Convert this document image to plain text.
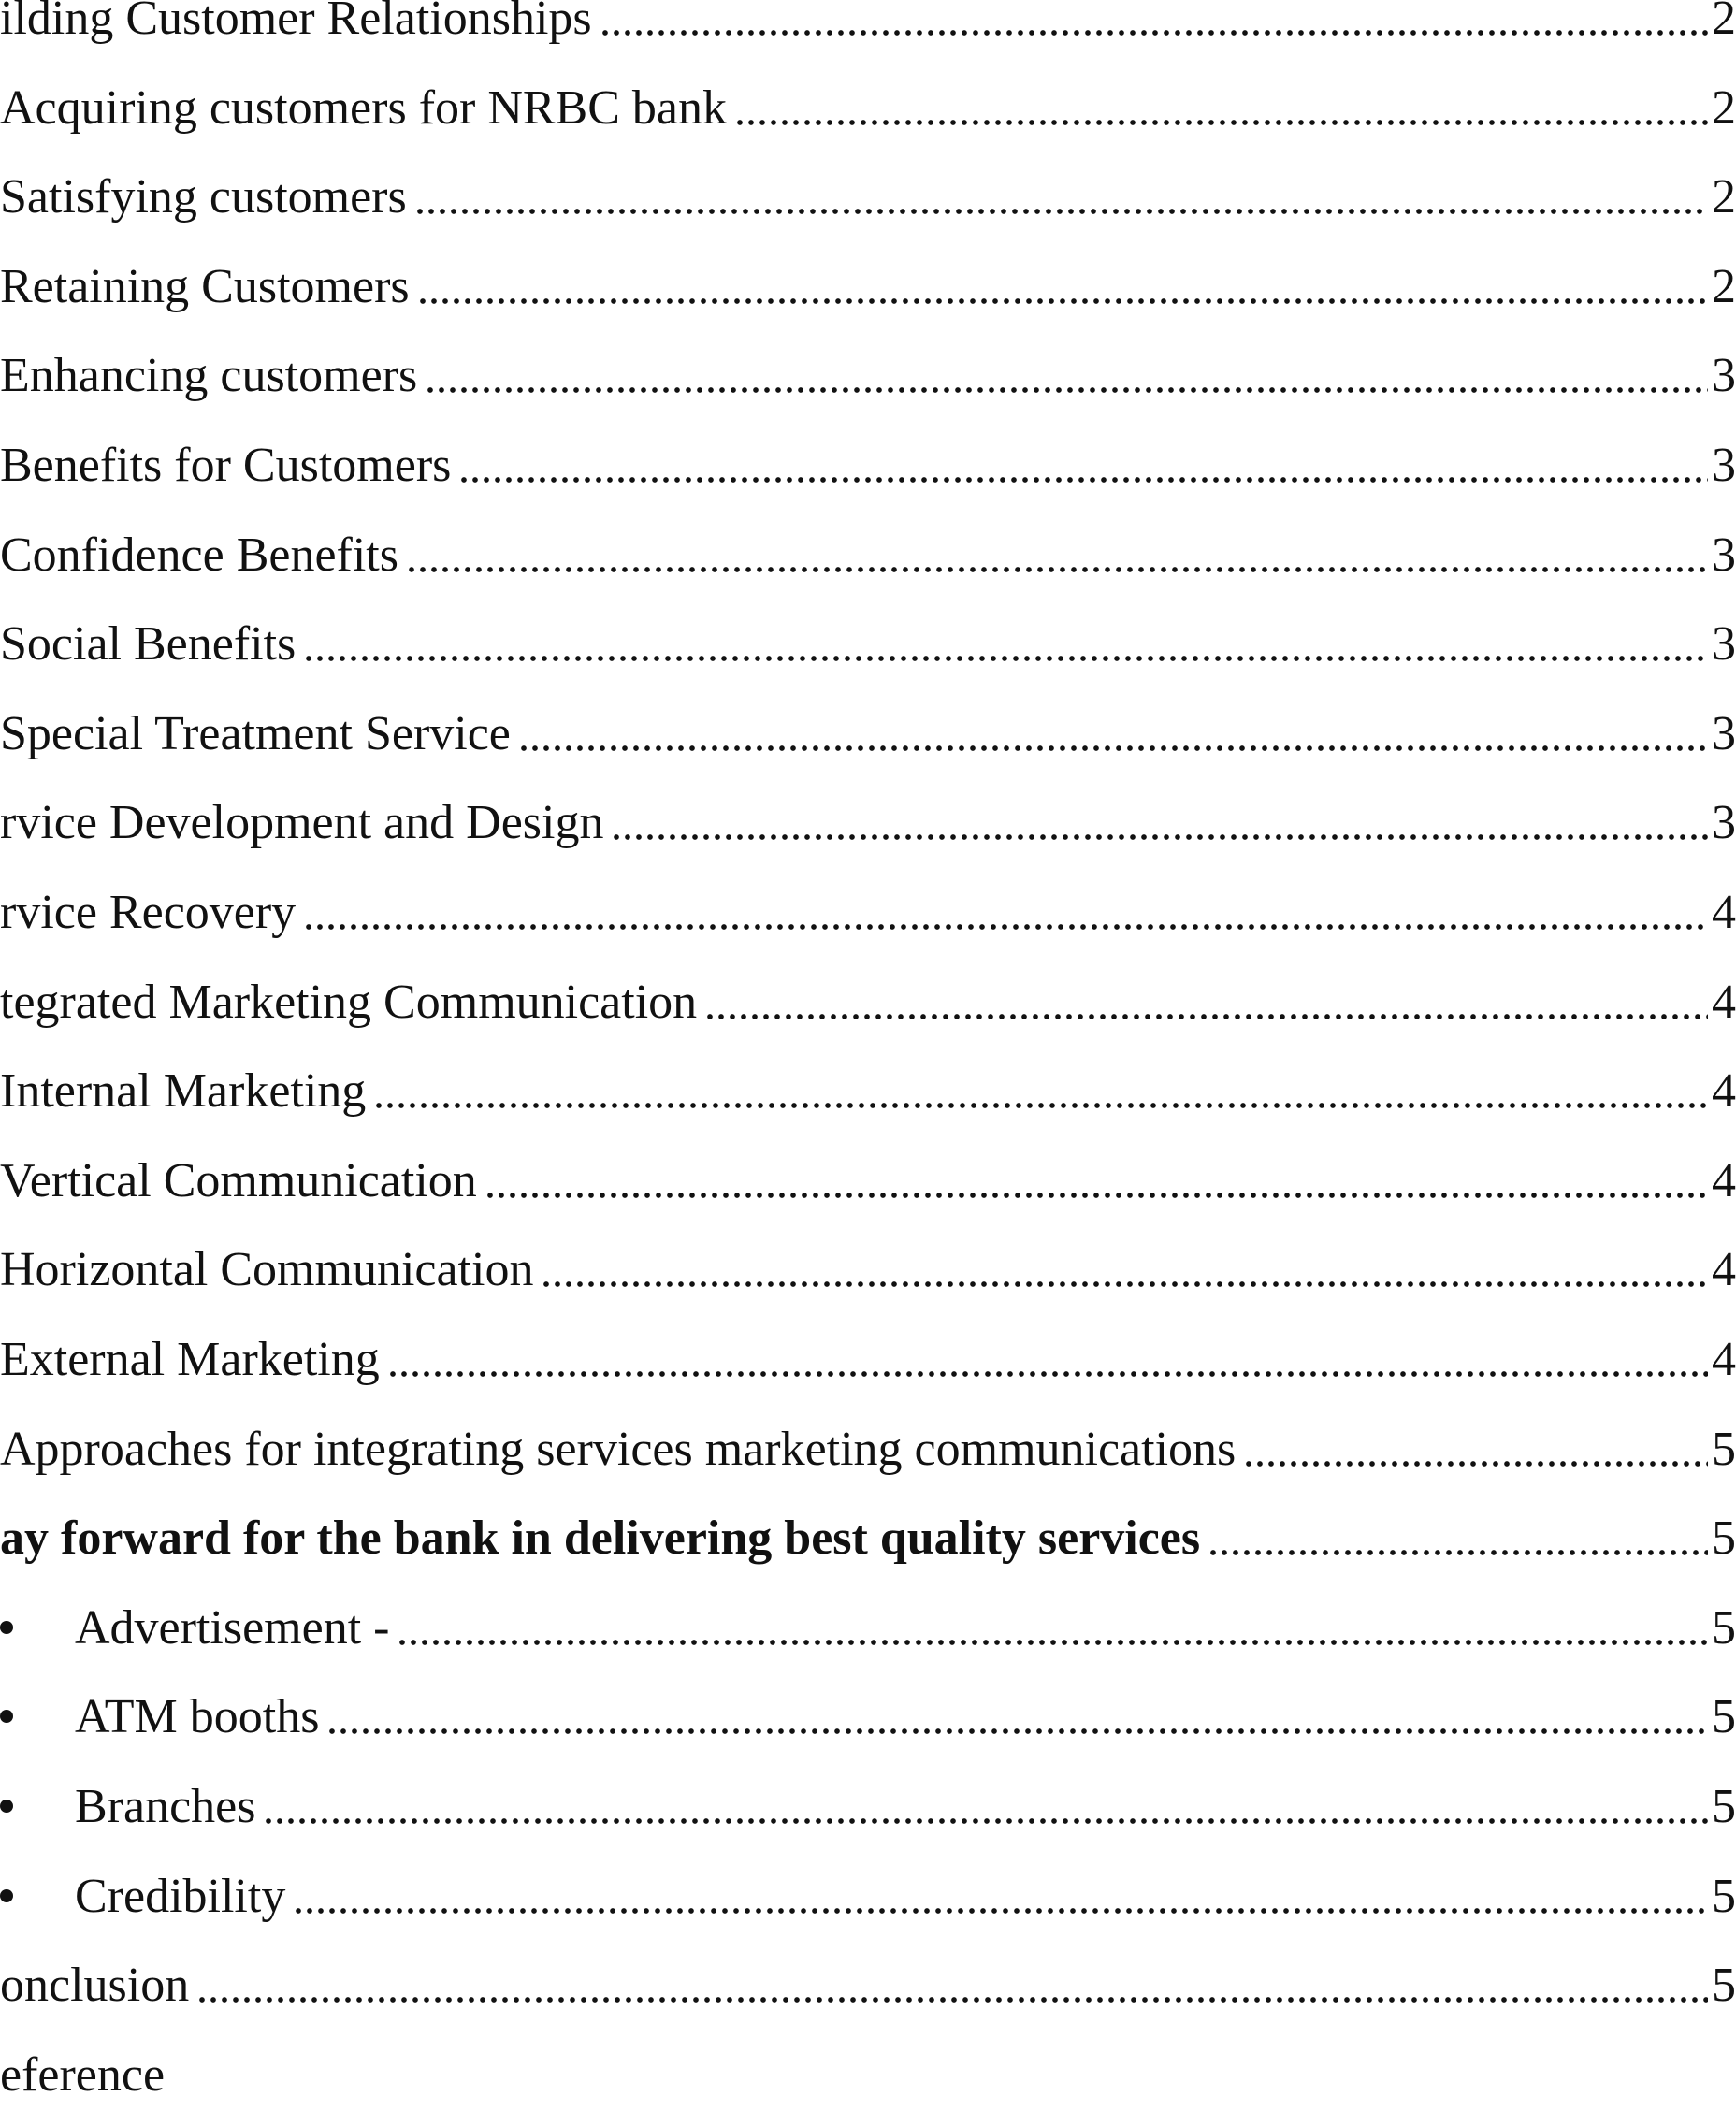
ilding Customer Relationships	2
Acquiring customers for NRBC bank	2
Satisfying customers	2
Retaining Customers	2
Enhancing customers	3
Benefits for Customers	3
Confidence Benefits	3
Social Benefits	3
Special Treatment Service	3
rvice Development and Design	3
rvice Recovery	4
tegrated Marketing Communication	4
Internal Marketing	4
Vertical Communication	4
Horizontal Communication	4
External Marketing	4
Approaches for integrating services marketing communications	5
ay forward for the bank in delivering best quality services	5
Advertisement -	5
ATM booths	5
Branches	5
Credibility	5
onclusion	5
eference
